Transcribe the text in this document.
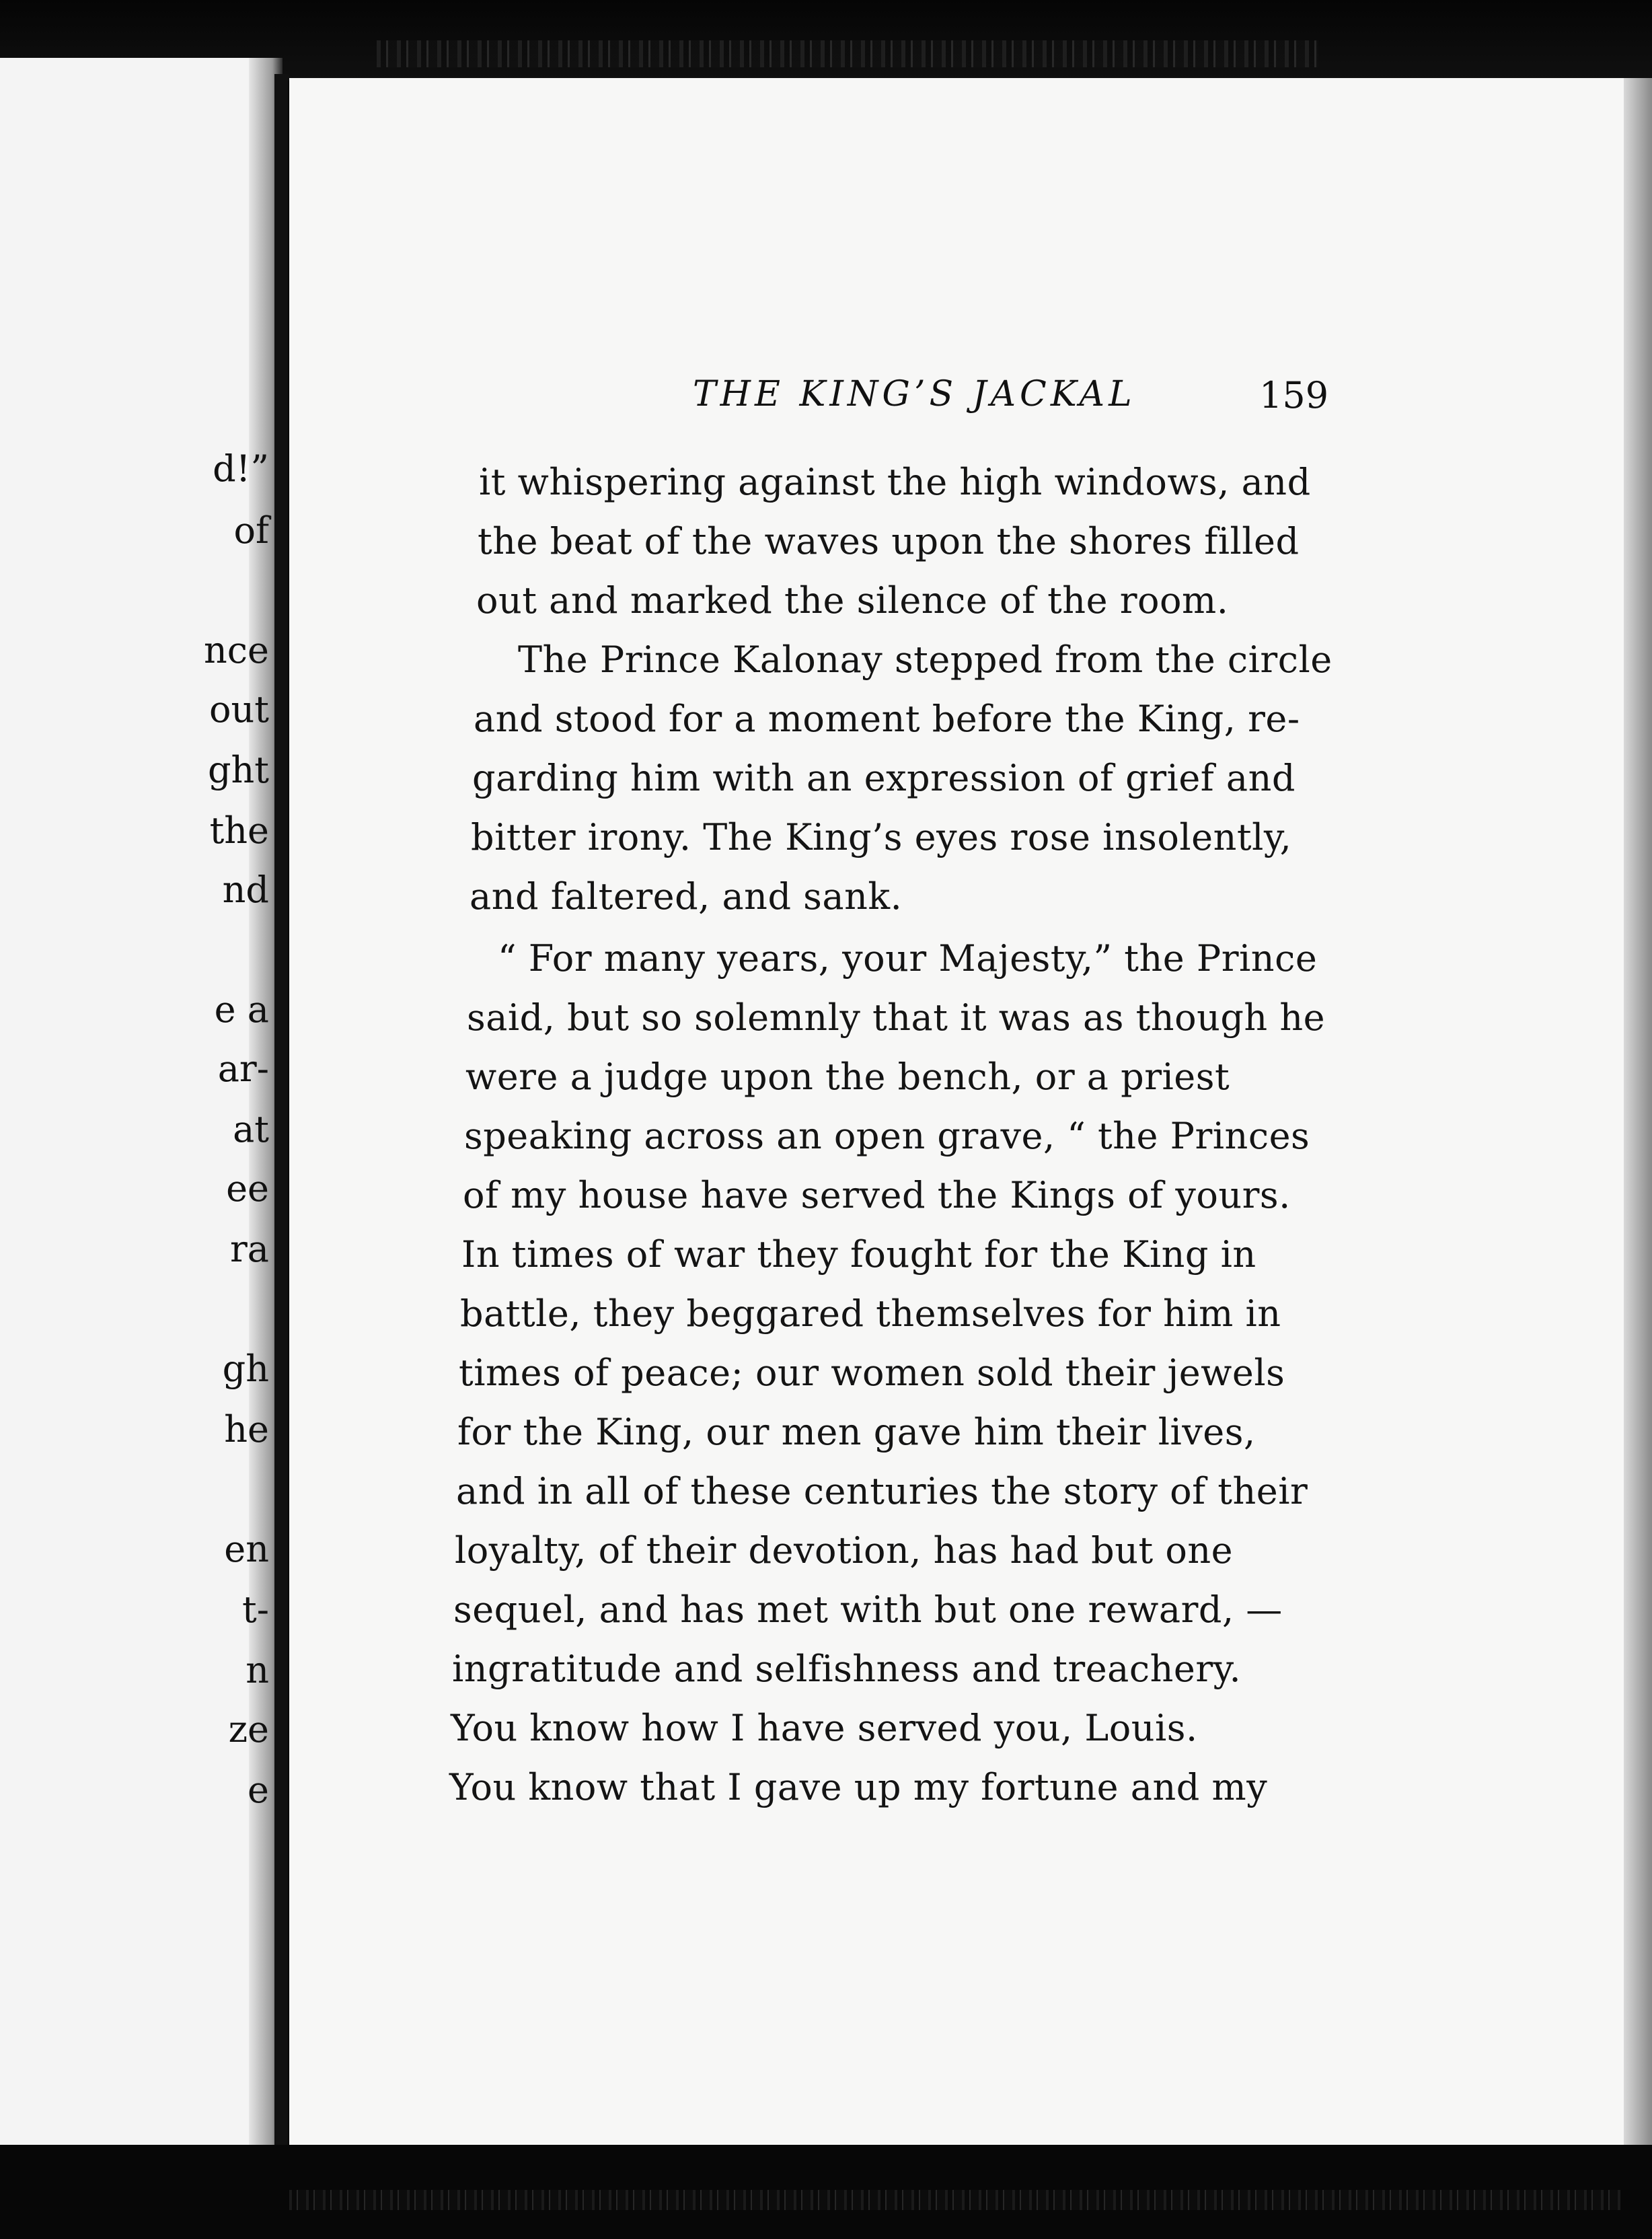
d!”
of
nce
out
ght
the
nd
e a
ar-
at
ee
ra
gh
he
en
t-
n
ze
e
THE KING’S JACKAL	159
it whispering against the high windows, and
the beat of the waves upon the shores filled
out and marked the silence of the room.
The Prince Kalonay stepped from the circle
and stood for a moment before the King, re-
garding him with an expression of grief and
bitter irony. The King’s eyes rose insolently,
and faltered, and sank.
“ For many years, your Majesty,” the Prince
said, but so solemnly that it was as though he
were a judge upon the bench, or a priest
speaking across an open grave, “ the Princes
of my house have served the Kings of yours.
In times of war they fought for the King in
battle, they beggared themselves for him in
times of peace; our women sold their jewels
for the King, our men gave him their lives,
and in all of these centuries the story of their
loyalty, of their devotion, has had but one
sequel, and has met with but one reward, —
ingratitude and selfishness and treachery.
You know how I have served you, Louis.
You know that I gave up my fortune and my
